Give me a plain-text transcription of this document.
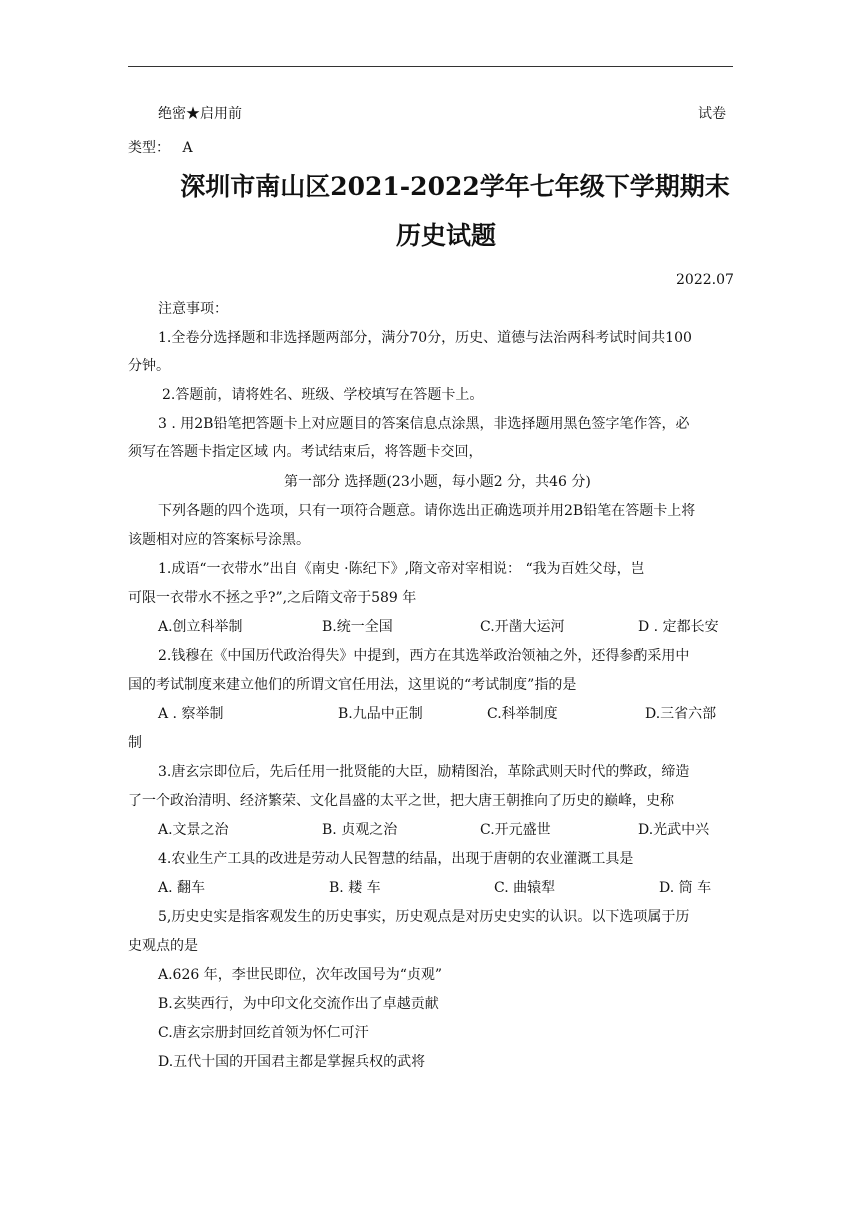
绝密★启用前	试卷
类型： A
深圳市南山区2021-2022学年七年级下学期期末
历史试题
2022.07
注意事项：
1.全卷分选择题和非选择题两部分，满分70分，历史、道德与法治两科考试时间共100
分钟。
2.答题前，请将姓名、班级、学校填写在答题卡上。
3 . 用2B铅笔把答题卡上对应题目的答案信息点涂黑，非选择题用黑色签字笔作答，必
须写在答题卡指定区域 内。考试结束后，将答题卡交回，
第一部分 选择题(23小题，每小题2 分，共46 分)
下列各题的四个选项，只有一项符合题意。请你选出正确选项并用2B铅笔在答题卡上将
该题相对应的答案标号涂黑。
1.成语“一衣带水”出自《南史 ·陈纪下》,隋文帝对宰相说： “我为百姓父母，岂
可限一衣带水不拯之乎?”,之后隋文帝于589 年
A.创立科举制	B.统一全国	C.开凿大运河	D . 定都长安
2.钱穆在《中国历代政治得失》中提到，西方在其选举政治领袖之外，还得参酌采用中
国的考试制度来建立他们的所谓文官任用法，这里说的“考试制度”指的是
A . 察举制	B.九品中正制	C.科举制度	D.三省六部
制
3.唐玄宗即位后，先后任用一批贤能的大臣，励精图治，革除武则天时代的弊政，缔造
了一个政治清明、经济繁荣、文化昌盛的太平之世，把大唐王朝推向了历史的巅峰，史称
A.文景之治	B. 贞观之治	C.开元盛世	D.光武中兴
4.农业生产工具的改进是劳动人民智慧的结晶，出现于唐朝的农业灌溉工具是
A. 翻车	B. 耧 车	C. 曲辕犁	D. 筒 车
5,历史史实是指客观发生的历史事实，历史观点是对历史史实的认识。以下选项属于历
史观点的是
A.626 年，李世民即位，次年改国号为“贞观”
B.玄奘西行，为中印文化交流作出了卓越贡献
C.唐玄宗册封回纥首领为怀仁可汗
D.五代十国的开国君主都是掌握兵权的武将
